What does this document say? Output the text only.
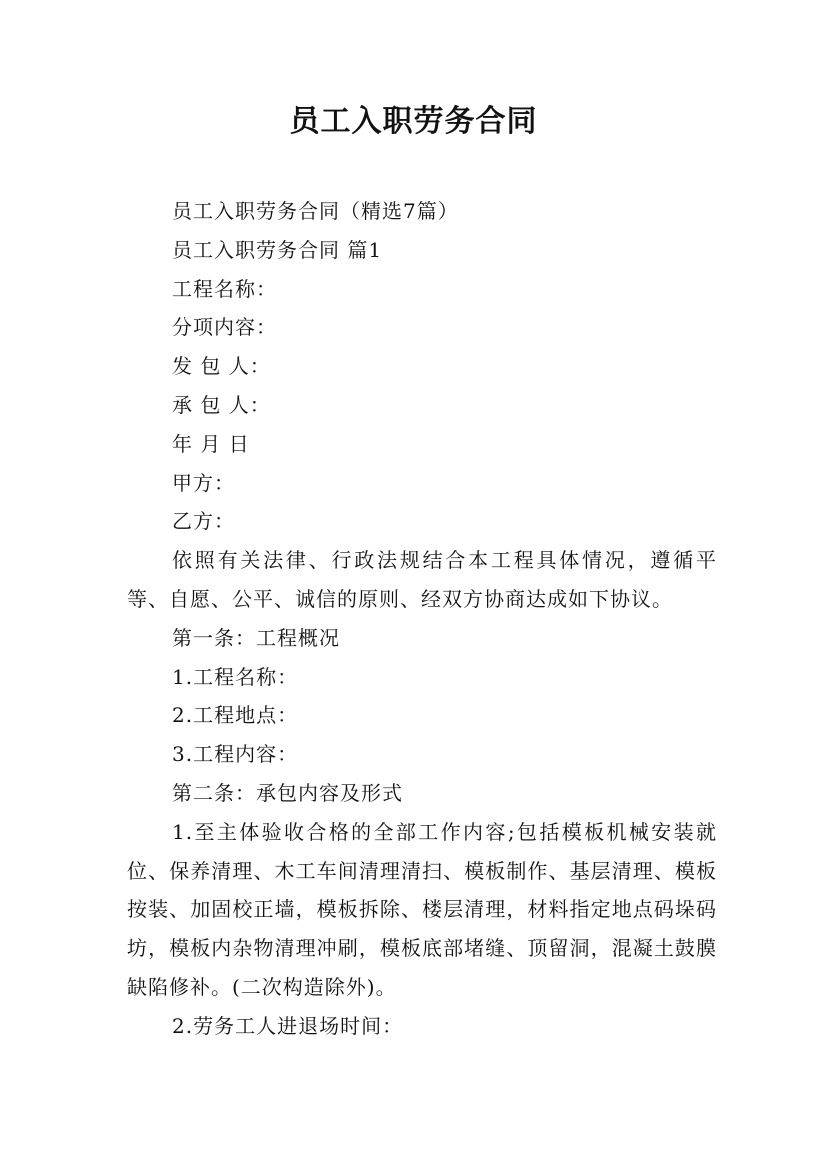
员工入职劳务合同
员工入职劳务合同（精选7篇）
员工入职劳务合同 篇1
工程名称：
分项内容：
发 包 人：
承 包 人：
年 月 日
甲方：
乙方：
依照有关法律、行政法规结合本工程具体情况，遵循平等、自愿、公平、诚信的原则、经双方协商达成如下协议。
第一条：工程概况
1.工程名称：
2.工程地点：
3.工程内容：
第二条：承包内容及形式
1.至主体验收合格的全部工作内容;包括模板机械安装就位、保养清理、木工车间清理清扫、模板制作、基层清理、模板按装、加固校正墙，模板拆除、楼层清理，材料指定地点码垛码坊，模板内杂物清理冲刷，模板底部堵缝、顶留洞，混凝土鼓膜缺陷修补。(二次构造除外)。
2.劳务工人进退场时间：
